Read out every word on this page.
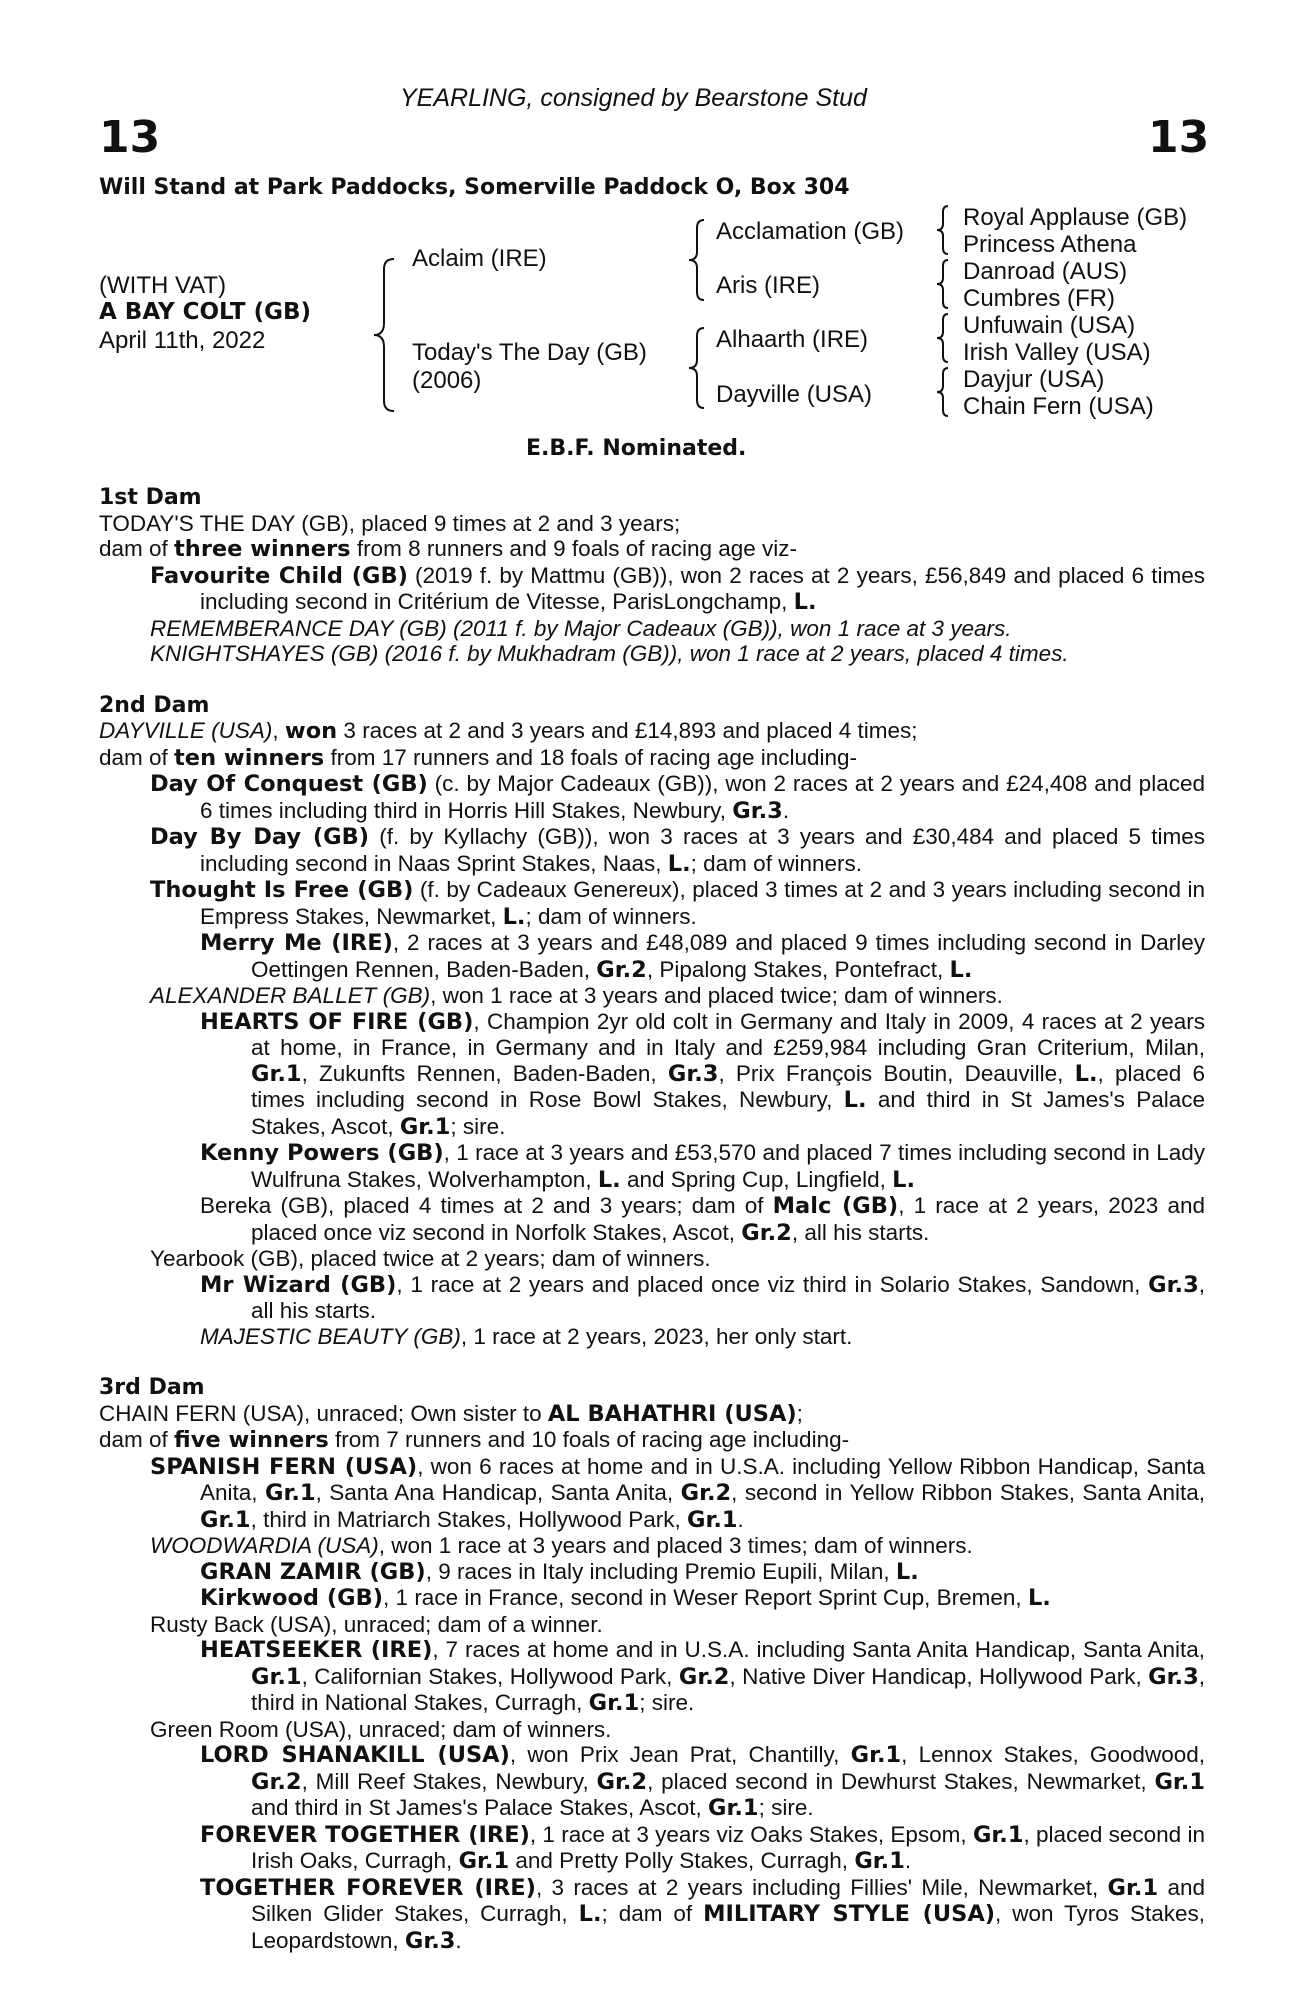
YEARLING, consigned by Bearstone Stud
13	13
Will Stand at Park Paddocks, Somerville Paddock O, Box 304
(WITH VAT)
A BAY COLT (GB)
April 11th, 2022
Aclaim (IRE)
Today's The Day (GB)
(2006)
Acclamation (GB)
Aris (IRE)
Alhaarth (IRE)
Dayville (USA)
Royal Applause (GB)
Princess Athena
Danroad (AUS)
Cumbres (FR)
Unfuwain (USA)
Irish Valley (USA)
Dayjur (USA)
Chain Fern (USA)
E.B.F. Nominated.
1st Dam
TODAY'S THE DAY (GB), placed 9 times at 2 and 3 years;
dam of three winners from 8 runners and 9 foals of racing age viz-
Favourite Child (GB) (2019 f. by Mattmu (GB)), won 2 races at 2 years, £56,849 and placed 6 times including second in Critérium de Vitesse, ParisLongchamp, L.
REMEMBERANCE DAY (GB) (2011 f. by Major Cadeaux (GB)), won 1 race at 3 years.
KNIGHTSHAYES (GB) (2016 f. by Mukhadram (GB)), won 1 race at 2 years, placed 4 times.
2nd Dam
DAYVILLE (USA), won 3 races at 2 and 3 years and £14,893 and placed 4 times;
dam of ten winners from 17 runners and 18 foals of racing age including-
Day Of Conquest (GB) (c. by Major Cadeaux (GB)), won 2 races at 2 years and £24,408 and placed 6 times including third in Horris Hill Stakes, Newbury, Gr.3.
Day By Day (GB) (f. by Kyllachy (GB)), won 3 races at 3 years and £30,484 and placed 5 times including second in Naas Sprint Stakes, Naas, L.; dam of winners.
Thought Is Free (GB) (f. by Cadeaux Genereux), placed 3 times at 2 and 3 years including second in Empress Stakes, Newmarket, L.; dam of winners.
Merry Me (IRE), 2 races at 3 years and £48,089 and placed 9 times including second in Darley Oettingen Rennen, Baden-Baden, Gr.2, Pipalong Stakes, Pontefract, L.
ALEXANDER BALLET (GB), won 1 race at 3 years and placed twice; dam of winners.
HEARTS OF FIRE (GB), Champion 2yr old colt in Germany and Italy in 2009, 4 races at 2 years at home, in France, in Germany and in Italy and £259,984 including Gran Criterium, Milan, Gr.1, Zukunfts Rennen, Baden-Baden, Gr.3, Prix François Boutin, Deauville, L., placed 6 times including second in Rose Bowl Stakes, Newbury, L. and third in St James's Palace Stakes, Ascot, Gr.1; sire.
Kenny Powers (GB), 1 race at 3 years and £53,570 and placed 7 times including second in Lady Wulfruna Stakes, Wolverhampton, L. and Spring Cup, Lingfield, L.
Bereka (GB), placed 4 times at 2 and 3 years; dam of Malc (GB), 1 race at 2 years, 2023 and placed once viz second in Norfolk Stakes, Ascot, Gr.2, all his starts.
Yearbook (GB), placed twice at 2 years; dam of winners.
Mr Wizard (GB), 1 race at 2 years and placed once viz third in Solario Stakes, Sandown, Gr.3, all his starts.
MAJESTIC BEAUTY (GB), 1 race at 2 years, 2023, her only start.
3rd Dam
CHAIN FERN (USA), unraced; Own sister to AL BAHATHRI (USA);
dam of five winners from 7 runners and 10 foals of racing age including-
SPANISH FERN (USA), won 6 races at home and in U.S.A. including Yellow Ribbon Handicap, Santa Anita, Gr.1, Santa Ana Handicap, Santa Anita, Gr.2, second in Yellow Ribbon Stakes, Santa Anita, Gr.1, third in Matriarch Stakes, Hollywood Park, Gr.1.
WOODWARDIA (USA), won 1 race at 3 years and placed 3 times; dam of winners.
GRAN ZAMIR (GB), 9 races in Italy including Premio Eupili, Milan, L.
Kirkwood (GB), 1 race in France, second in Weser Report Sprint Cup, Bremen, L.
Rusty Back (USA), unraced; dam of a winner.
HEATSEEKER (IRE), 7 races at home and in U.S.A. including Santa Anita Handicap, Santa Anita, Gr.1, Californian Stakes, Hollywood Park, Gr.2, Native Diver Handicap, Hollywood Park, Gr.3, third in National Stakes, Curragh, Gr.1; sire.
Green Room (USA), unraced; dam of winners.
LORD SHANAKILL (USA), won Prix Jean Prat, Chantilly, Gr.1, Lennox Stakes, Goodwood, Gr.2, Mill Reef Stakes, Newbury, Gr.2, placed second in Dewhurst Stakes, Newmarket, Gr.1 and third in St James's Palace Stakes, Ascot, Gr.1; sire.
FOREVER TOGETHER (IRE), 1 race at 3 years viz Oaks Stakes, Epsom, Gr.1, placed second in Irish Oaks, Curragh, Gr.1 and Pretty Polly Stakes, Curragh, Gr.1.
TOGETHER FOREVER (IRE), 3 races at 2 years including Fillies' Mile, Newmarket, Gr.1 and Silken Glider Stakes, Curragh, L.; dam of MILITARY STYLE (USA), won Tyros Stakes, Leopardstown, Gr.3.
